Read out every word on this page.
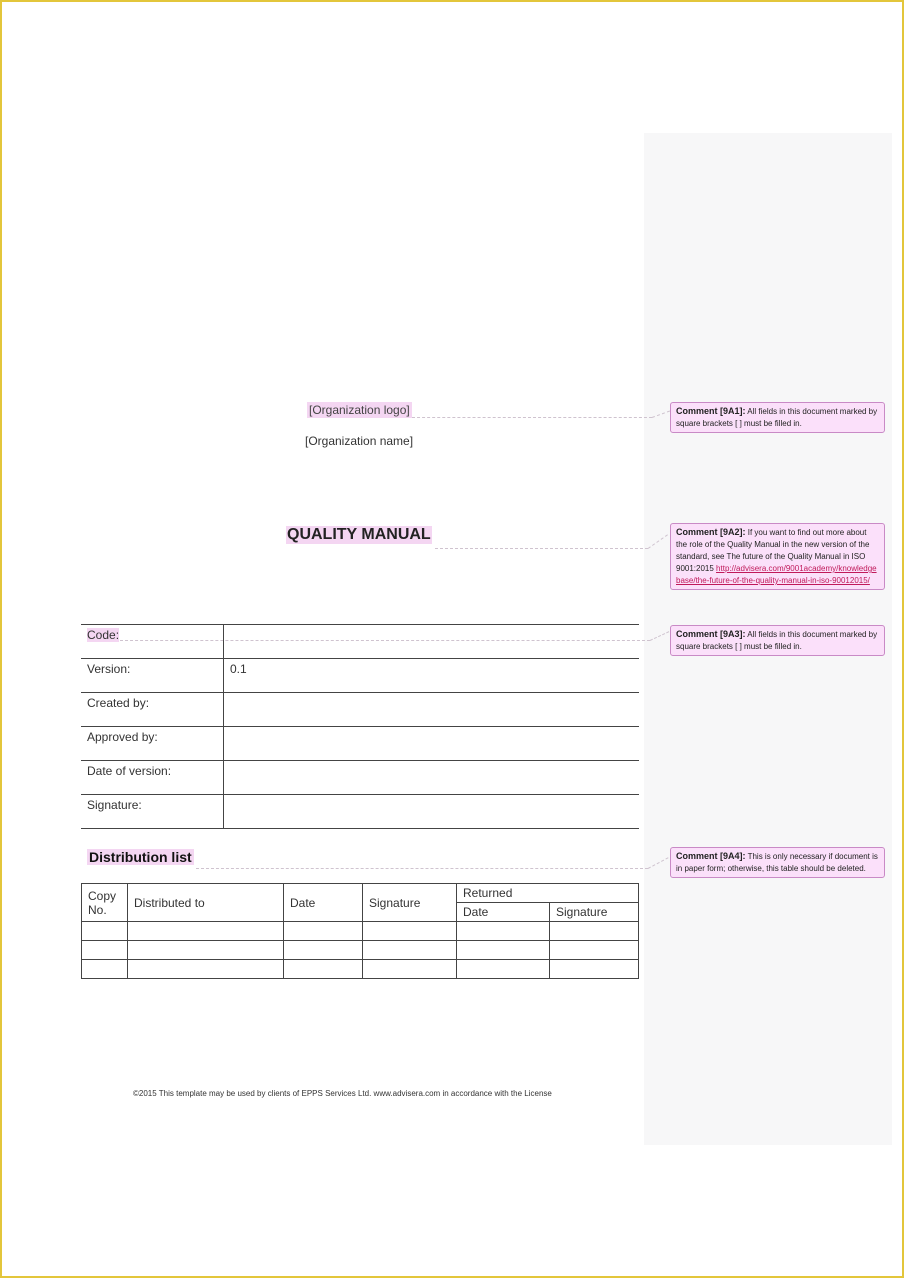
[Organization logo]
[Organization name]
QUALITY MANUAL
Code:	
Version:	0.1
Created by:	
Approved by:	
Date of version:	
Signature:	
Distribution list
Copy No.	Distributed to	Date	Signature	Returned	
				Date	Signature

©2015 This template may be used by clients of EPPS Services Ltd. www.advisera.com in accordance with the License
Comment [9A1]: All fields in this document marked by square brackets [ ] must be filled in.
Comment [9A2]: If you want to find out more about the role of the Quality Manual in the new version of the standard, see The future of the Quality Manual in ISO 9001:2015 http://advisera.com/9001academy/knowledgebase/the-future-of-the-quality-manual-in-iso-90012015/
Comment [9A3]: All fields in this document marked by square brackets [ ] must be filled in.
Comment [9A4]: This is only necessary if document is in paper form; otherwise, this table should be deleted.
